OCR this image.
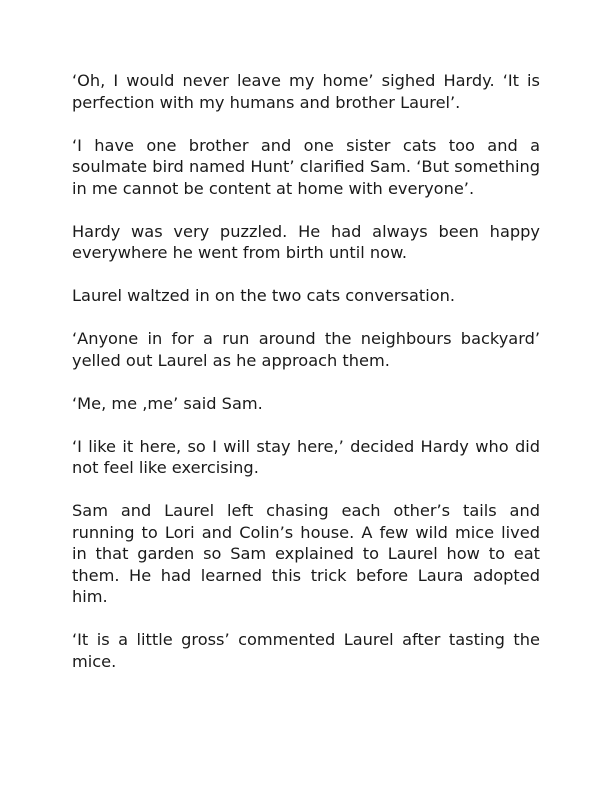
‘Oh, I would never leave my home’ sighed Hardy. ‘It is perfection with my humans and brother Laurel’.

‘I have one brother and one sister cats too and a soulmate bird named Hunt’ clarified Sam. ‘But something in me cannot be content at home with everyone’.

Hardy was very puzzled. He had always been happy everywhere he went from birth until now.

Laurel waltzed in on the two cats conversation.

‘Anyone in for a run around the neighbours backyard’ yelled out Laurel as he approach them.

‘Me, me ,me’ said Sam.

‘I like it here, so I will stay here,’ decided Hardy who did not feel like exercising.

Sam and Laurel left chasing each other’s tails and running to Lori and Colin’s house. A few wild mice lived in that garden so Sam explained to Laurel how to eat them. He had learned this trick before Laura adopted him.

‘It is a little gross’ commented Laurel after tasting the mice.
